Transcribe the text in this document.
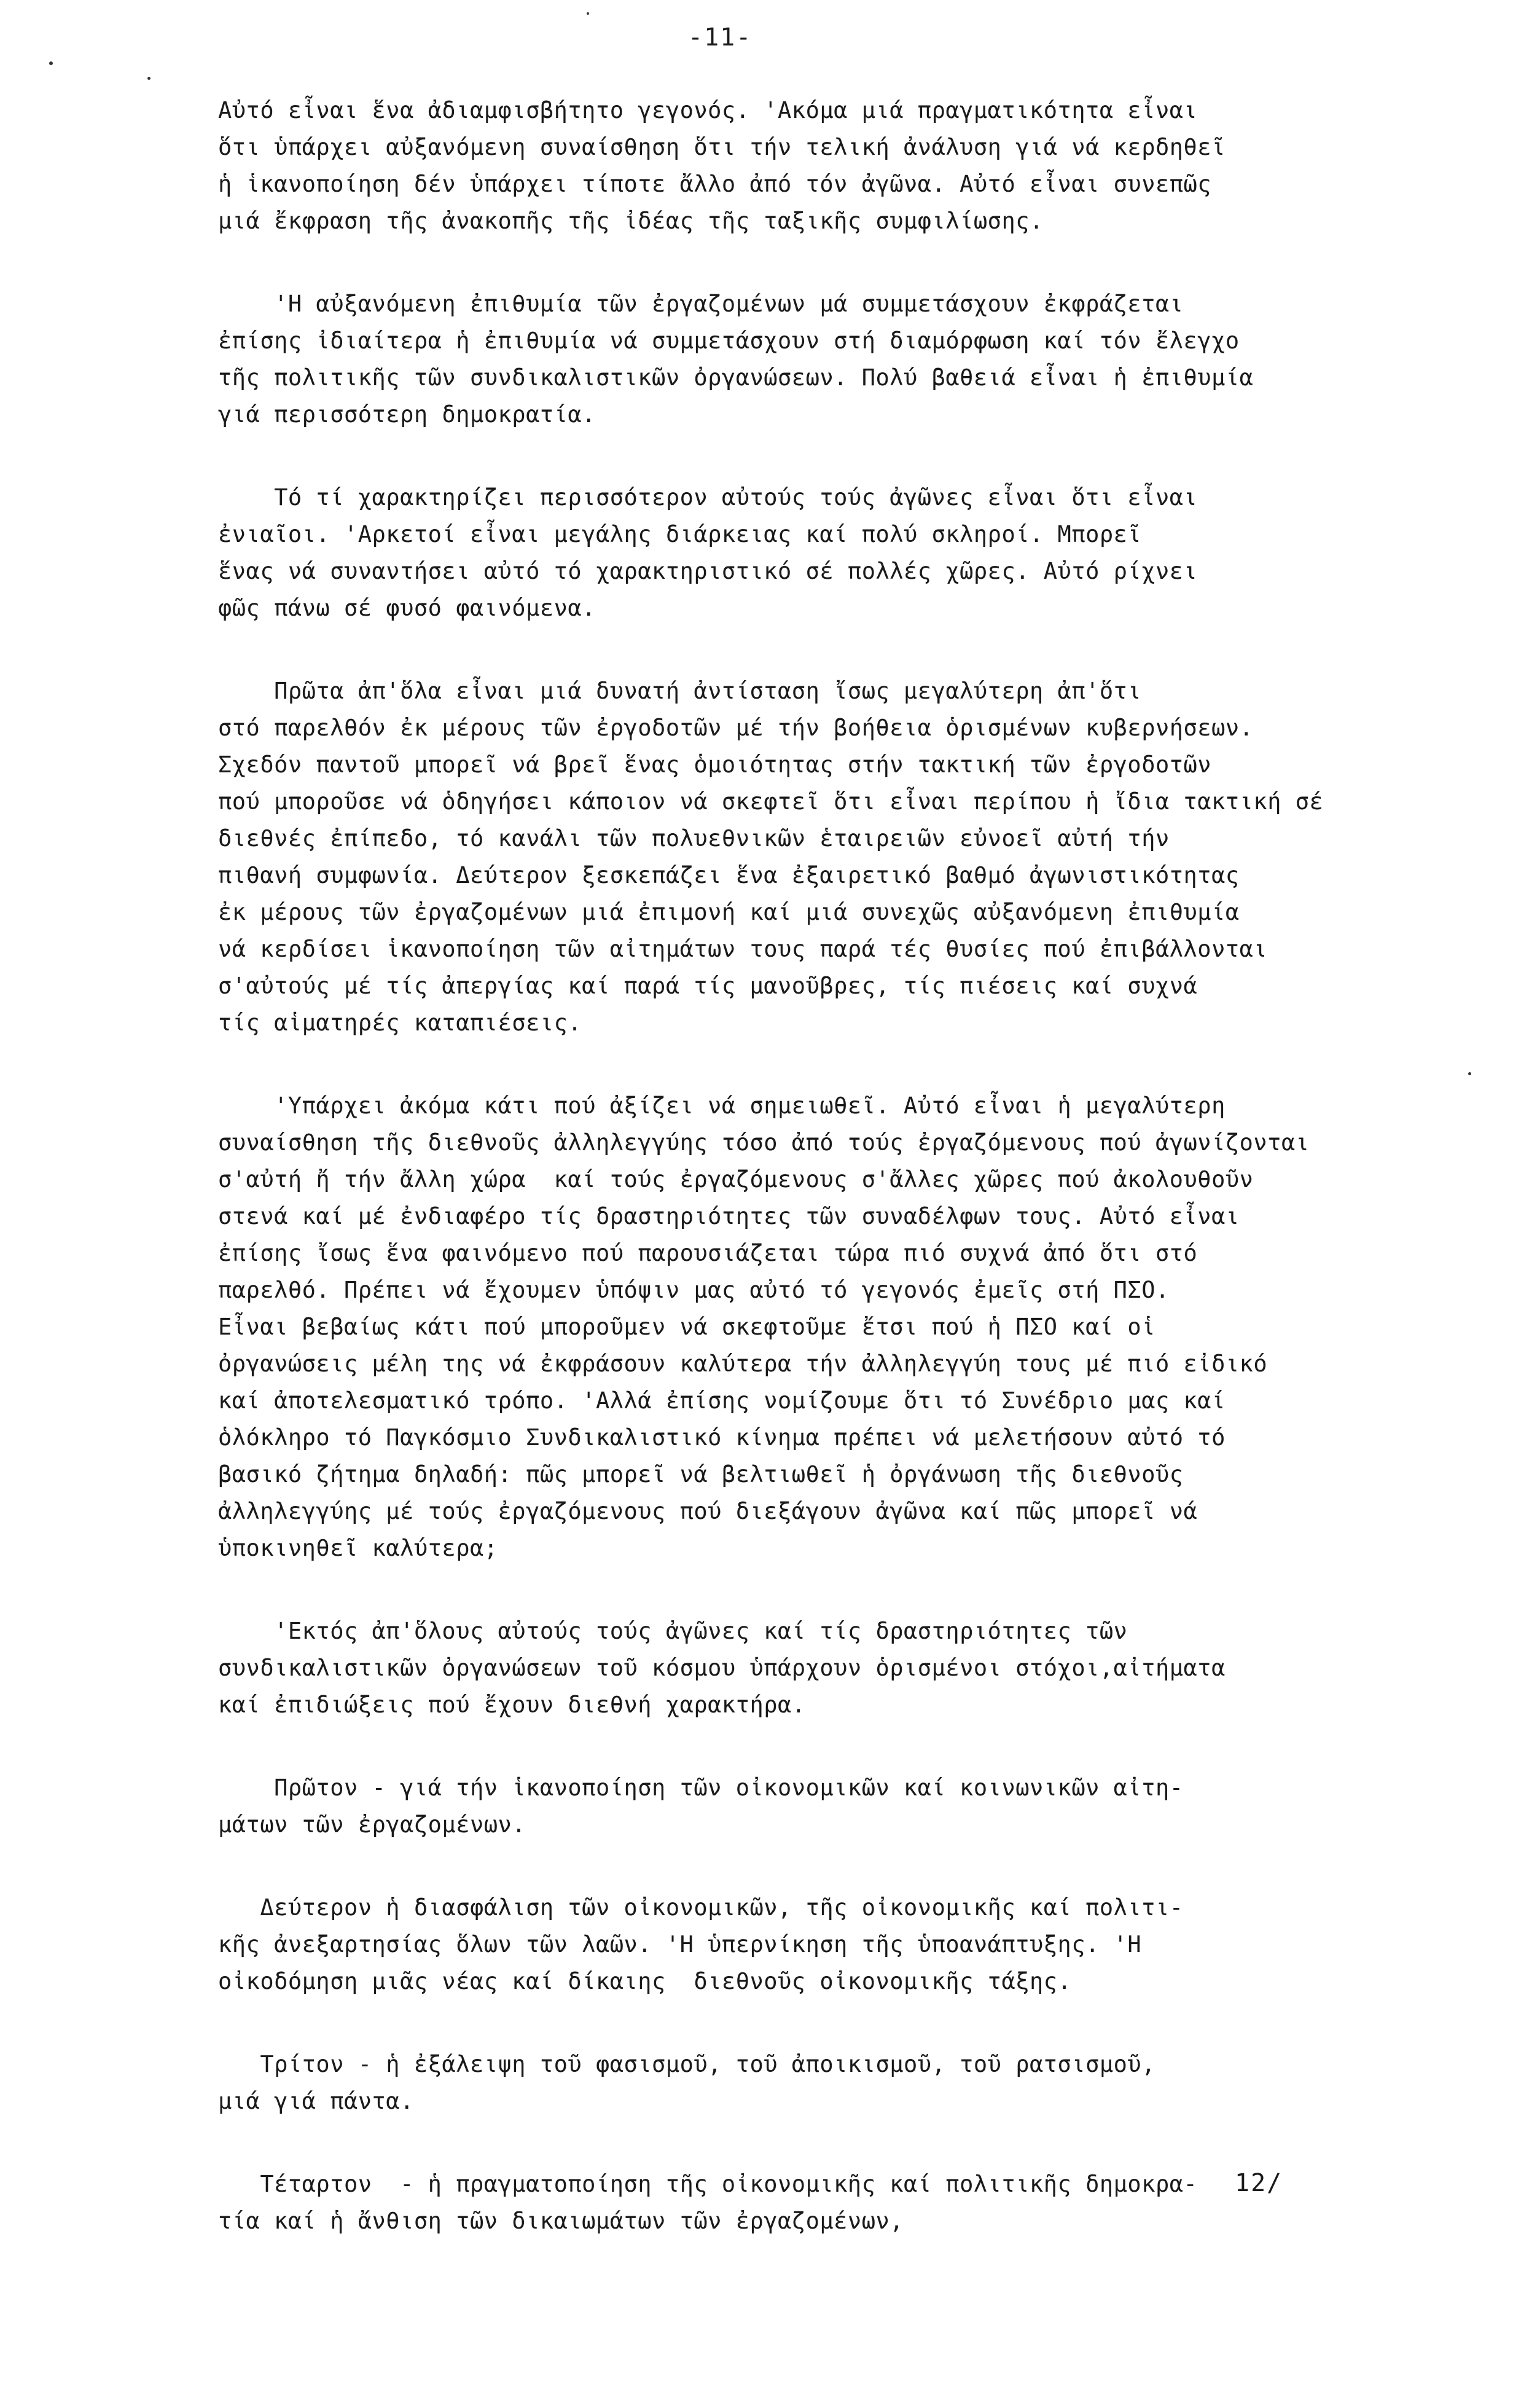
-11-
Αὐτό εἶναι ἕνα ἀδιαμφισβήτητο γεγονός. 'Ακόμα μιά πραγματικότητα εἶναι
ὅτι ὑπάρχει αὐξανόμενη συναίσθηση ὅτι τήν τελική ἀνάλυση γιά νά κερδηθεῖ
ἡ ἱκανοποίηση δέν ὑπάρχει τίποτε ἄλλο ἀπό τόν ἀγῶνα. Αὐτό εἶναι συνεπῶς
μιά ἔκφραση τῆς ἀνακοπῆς τῆς ἰδέας τῆς ταξικῆς συμφιλίωσης.
'Η αὐξανόμενη ἐπιθυμία τῶν ἐργαζομένων μά συμμετάσχουν ἐκφράζεται
ἐπίσης ἰδιαίτερα ἡ ἐπιθυμία νά συμμετάσχουν στή διαμόρφωση καί τόν ἔλεγχο
τῆς πολιτικῆς τῶν συνδικαλιστικῶν ὀργανώσεων. Πολύ βαθειά εἶναι ἡ ἐπιθυμία
γιά περισσότερη δημοκρατία.
Τό τί χαρακτηρίζει περισσότερον αὐτούς τούς ἀγῶνες εἶναι ὅτι εἶναι
ἐνιαῖοι. 'Αρκετοί εἶναι μεγάλης διάρκειας καί πολύ σκληροί. Μπορεῖ
ἕνας νά συναντήσει αὐτό τό χαρακτηριστικό σέ πολλές χῶρες. Αὐτό ρίχνει
φῶς πάνω σέ φυσό φαινόμενα.
Πρῶτα ἀπ'ὅλα εἶναι μιά δυνατή ἀντίσταση ἴσως μεγαλύτερη ἀπ'ὅτι
στό παρελθόν ἐκ μέρους τῶν ἐργοδοτῶν μέ τήν βοήθεια ὁρισμένων κυβερνήσεων.
Σχεδόν παντοῦ μπορεῖ νά βρεῖ ἕνας ὁμοιότητας στήν τακτική τῶν ἐργοδοτῶν
πού μποροῦσε νά ὁδηγήσει κάποιον νά σκεφτεῖ ὅτι εἶναι περίπου ἡ ἴδια τακτική σέ
διεθνές ἐπίπεδο, τό κανάλι τῶν πολυεθνικῶν ἑταιρειῶν εὐνοεῖ αὐτή τήν
πιθανή συμφωνία. Δεύτερον ξεσκεπάζει ἕνα ἐξαιρετικό βαθμό ἀγωνιστικότητας
ἐκ μέρους τῶν ἐργαζομένων μιά ἐπιμονή καί μιά συνεχῶς αὐξανόμενη ἐπιθυμία
νά κερδίσει ἱκανοποίηση τῶν αἰτημάτων τους παρά τές θυσίες πού ἐπιβάλλονται
σ'αὐτούς μέ τίς ἀπεργίας καί παρά τίς μανοῦβρες, τίς πιέσεις καί συχνά
τίς αἱματηρές καταπιέσεις.
'Υπάρχει ἀκόμα κάτι πού ἀξίζει νά σημειωθεῖ. Αὐτό εἶναι ἡ μεγαλύτερη
συναίσθηση τῆς διεθνοῦς ἀλληλεγγύης τόσο ἀπό τούς ἐργαζόμενους πού ἀγωνίζονται
σ'αὐτή ἤ τήν ἄλλη χώρα  καί τούς ἐργαζόμενους σ'ἄλλες χῶρες πού ἀκολουθοῦν
στενά καί μέ ἐνδιαφέρο τίς δραστηριότητες τῶν συναδέλφων τους. Αὐτό εἶναι
ἐπίσης ἴσως ἕνα φαινόμενο πού παρουσιάζεται τώρα πιό συχνά ἀπό ὅτι στό
παρελθό. Πρέπει νά ἔχουμεν ὑπόψιν μας αὐτό τό γεγονός ἐμεῖς στή ΠΣΟ.
Εἶναι βεβαίως κάτι πού μποροῦμεν νά σκεφτοῦμε ἔτσι πού ἡ ΠΣΟ καί οἱ
ὀργανώσεις μέλη της νά ἐκφράσουν καλύτερα τήν ἀλληλεγγύη τους μέ πιό εἰδικό
καί ἀποτελεσματικό τρόπο. 'Αλλά ἐπίσης νομίζουμε ὅτι τό Συνέδριο μας καί
ὁλόκληρο τό Παγκόσμιο Συνδικαλιστικό κίνημα πρέπει νά μελετήσουν αὐτό τό
βασικό ζήτημα δηλαδή: πῶς μπορεῖ νά βελτιωθεῖ ἡ ὀργάνωση τῆς διεθνοῦς
ἀλληλεγγύης μέ τούς ἐργαζόμενους πού διεξάγουν ἀγῶνα καί πῶς μπορεῖ νά
ὑποκινηθεῖ καλύτερα;
'Εκτός ἀπ'ὅλους αὐτούς τούς ἀγῶνες καί τίς δραστηριότητες τῶν
συνδικαλιστικῶν ὀργανώσεων τοῦ κόσμου ὑπάρχουν ὁρισμένοι στόχοι,αἰτήματα
καί ἐπιδιώξεις πού ἔχουν διεθνή χαρακτήρα.
Πρῶτον - γιά τήν ἱκανοποίηση τῶν οἰκονομικῶν καί κοινωνικῶν αἰτη-
μάτων τῶν ἐργαζομένων.
Δεύτερον ἡ διασφάλιση τῶν οἰκονομικῶν, τῆς οἰκονομικῆς καί πολιτι-
κῆς ἀνεξαρτησίας ὅλων τῶν λαῶν. 'Η ὑπερνίκηση τῆς ὑποανάπτυξης. 'Η
οἰκοδόμηση μιᾶς νέας καί δίκαιης  διεθνοῦς οἰκονομικῆς τάξης.
Τρίτον - ἡ ἐξάλειψη τοῦ φασισμοῦ, τοῦ ἀποικισμοῦ, τοῦ ρατσισμοῦ,
μιά γιά πάντα.
Τέταρτον  - ἡ πραγματοποίηση τῆς οἰκονομικῆς καί πολιτικῆς δημοκρα-
τία καί ἡ ἄνθιση τῶν δικαιωμάτων τῶν ἐργαζομένων,
12/
